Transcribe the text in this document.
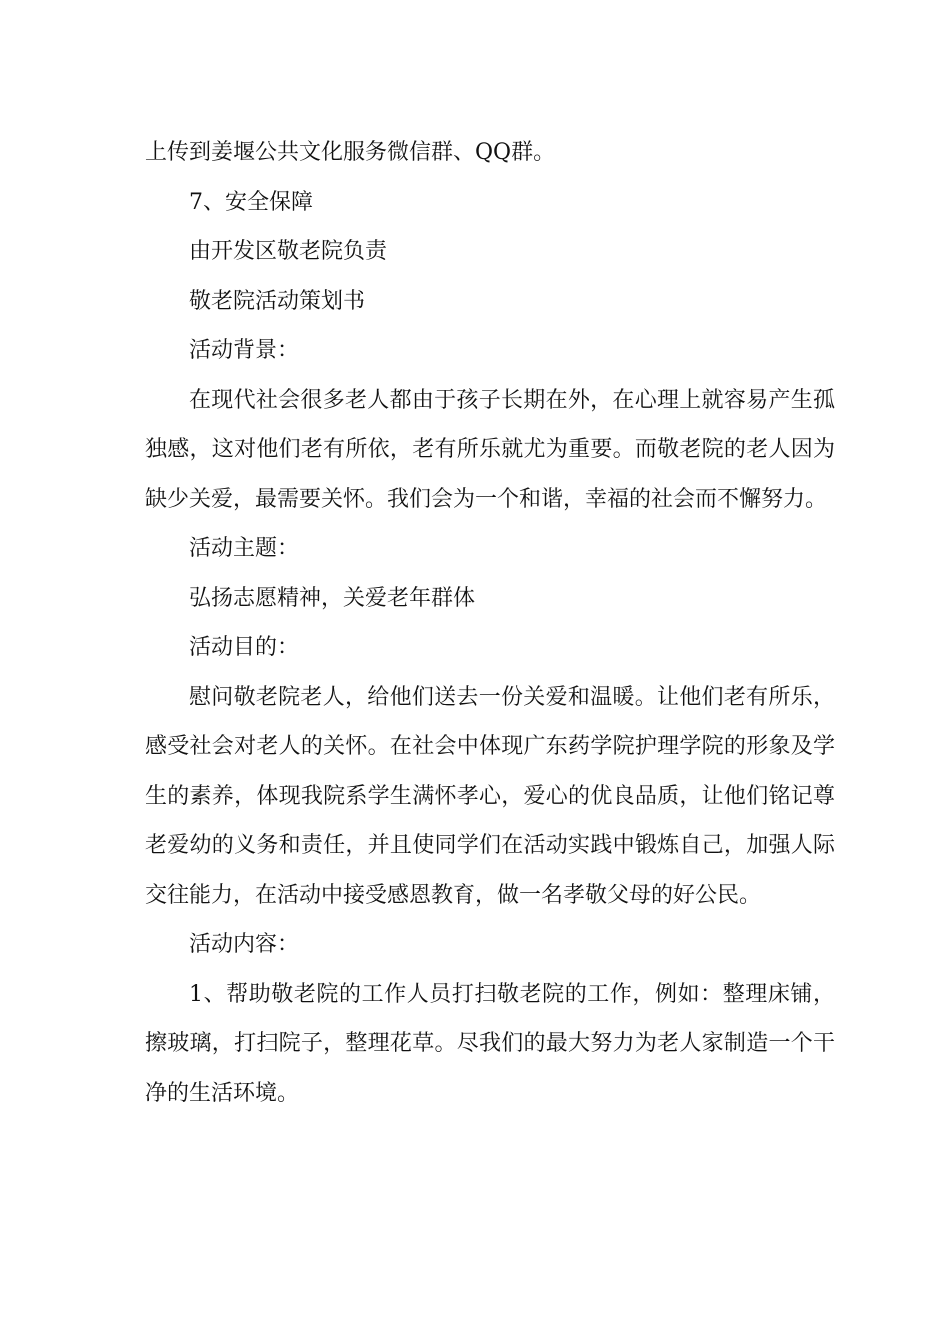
上传到姜堰公共文化服务微信群、QQ群。

7、安全保障

由开发区敬老院负责

敬老院活动策划书

活动背景：

在现代社会很多老人都由于孩子长期在外，在心理上就容易产生孤独感，这对他们老有所依，老有所乐就尤为重要。而敬老院的老人因为缺少关爱，最需要关怀。我们会为一个和谐，幸福的社会而不懈努力。

活动主题：

弘扬志愿精神，关爱老年群体

活动目的：

慰问敬老院老人，给他们送去一份关爱和温暖。让他们老有所乐，感受社会对老人的关怀。在社会中体现广东药学院护理学院的形象及学生的素养，体现我院系学生满怀孝心，爱心的优良品质，让他们铭记尊老爱幼的义务和责任，并且使同学们在活动实践中锻炼自己，加强人际交往能力，在活动中接受感恩教育，做一名孝敬父母的好公民。

活动内容：

1、帮助敬老院的工作人员打扫敬老院的工作，例如：整理床铺，擦玻璃，打扫院子，整理花草。尽我们的最大努力为老人家制造一个干净的生活环境。
